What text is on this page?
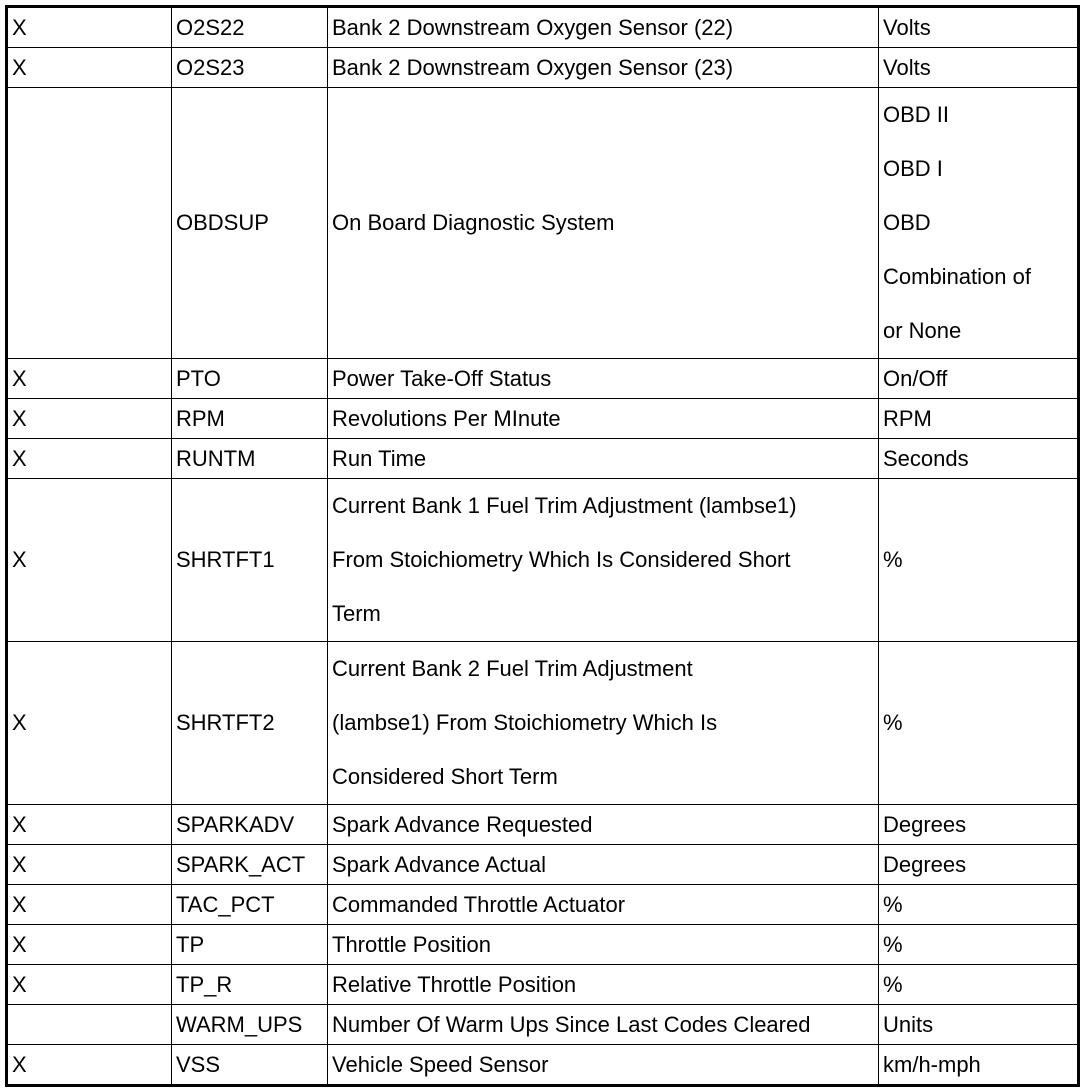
X	O2S22	Bank 2 Downstream Oxygen Sensor (22)	Volts

X	O2S23	Bank 2 Downstream Oxygen Sensor (23)	Volts

	OBDSUP	On Board Diagnostic System	OBD II
OBD I
OBD
Combination of
or None

X	PTO	Power Take-Off Status	On/Off

X	RPM	Revolutions Per MInute	RPM

X	RUNTM	Run Time	Seconds

X	SHRTFT1	Current Bank 1 Fuel Trim Adjustment (lambse1)
From Stoichiometry Which Is Considered Short
Term	%

X	SHRTFT2	Current Bank 2 Fuel Trim Adjustment
(lambse1) From Stoichiometry Which Is
Considered Short Term	%

X	SPARKADV	Spark Advance Requested	Degrees

X	SPARK_ACT	Spark Advance Actual	Degrees

X	TAC_PCT	Commanded Throttle Actuator	%

X	TP	Throttle Position	%

X	TP_R	Relative Throttle Position	%

	WARM_UPS	Number Of Warm Ups Since Last Codes Cleared	Units

X	VSS	Vehicle Speed Sensor	km/h-mph
